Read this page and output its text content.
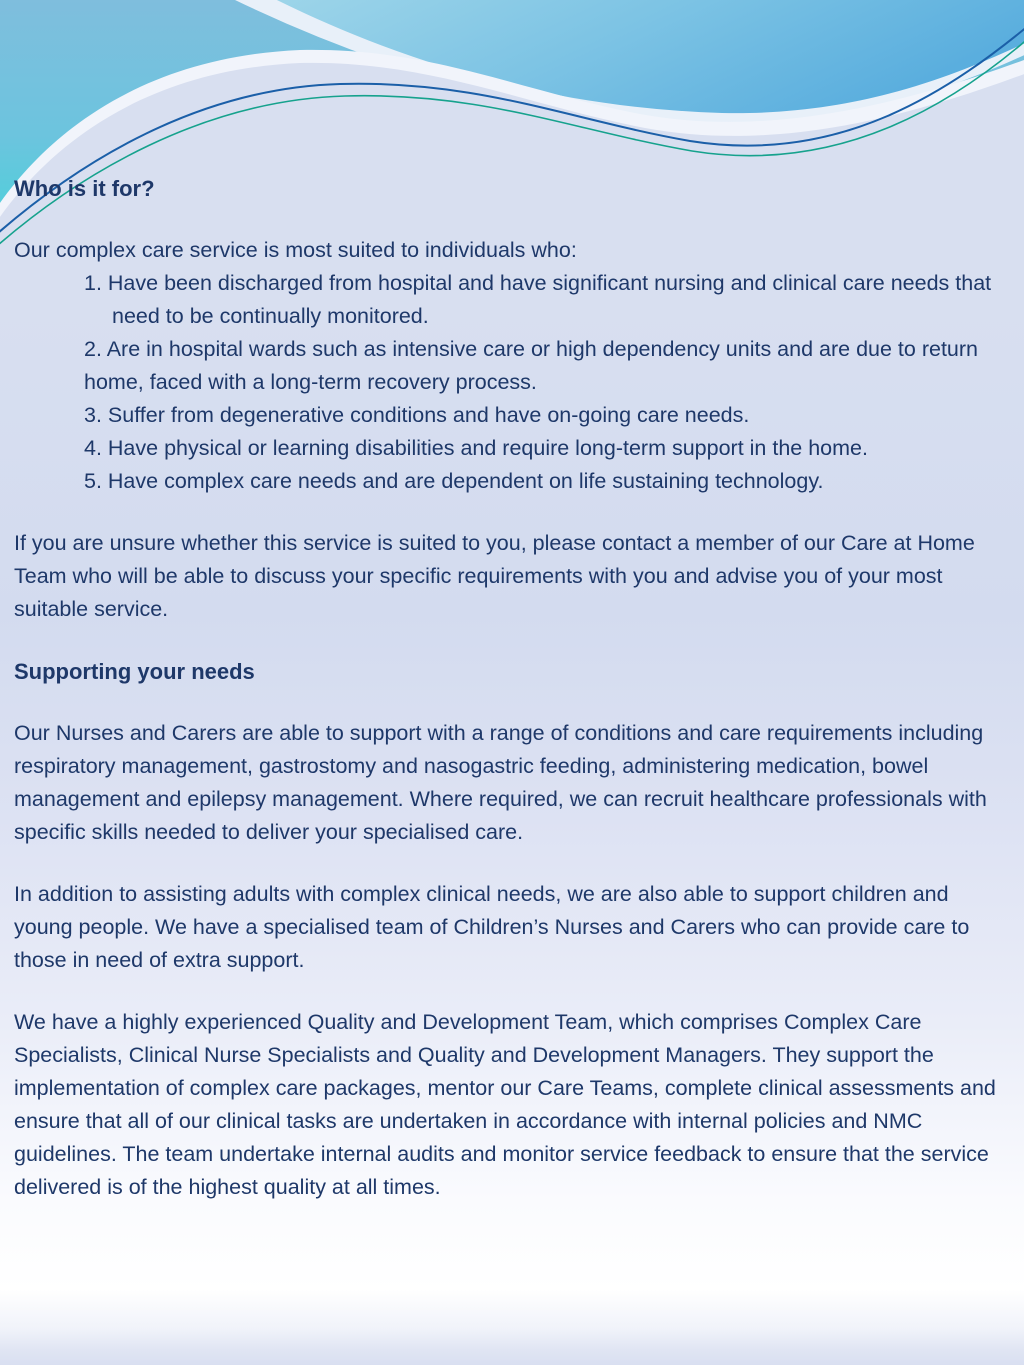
Who is it for?

Our complex care service is most suited to individuals who:

1. Have been discharged from hospital and have significant nursing and clinical care needs that need to be continually monitored.
2. Are in hospital wards such as intensive care or high dependency units and are due to return home, faced with a long-term recovery process.
3. Suffer from degenerative conditions and have on-going care needs.
4. Have physical or learning disabilities and require long-term support in the home.
5. Have complex care needs and are dependent on life sustaining technology.

If you are unsure whether this service is suited to you, please contact a member of our Care at Home Team who will be able to discuss your specific requirements with you and advise you of your most suitable service.

Supporting your needs

Our Nurses and Carers are able to support with a range of conditions and care requirements including respiratory management, gastrostomy and nasogastric feeding, administering medication, bowel management and epilepsy management. Where required, we can recruit healthcare professionals with specific skills needed to deliver your specialised care.

In addition to assisting adults with complex clinical needs, we are also able to support children and young people. We have a specialised team of Children’s Nurses and Carers who can provide care to those in need of extra support.

We have a highly experienced Quality and Development Team, which comprises Complex Care Specialists, Clinical Nurse Specialists and Quality and Development Managers. They support the implementation of complex care packages, mentor our Care Teams, complete clinical assessments and ensure that all of our clinical tasks are undertaken in accordance with internal policies and NMC guidelines. The team undertake internal audits and monitor service feedback to ensure that the service delivered is of the highest quality at all times.
